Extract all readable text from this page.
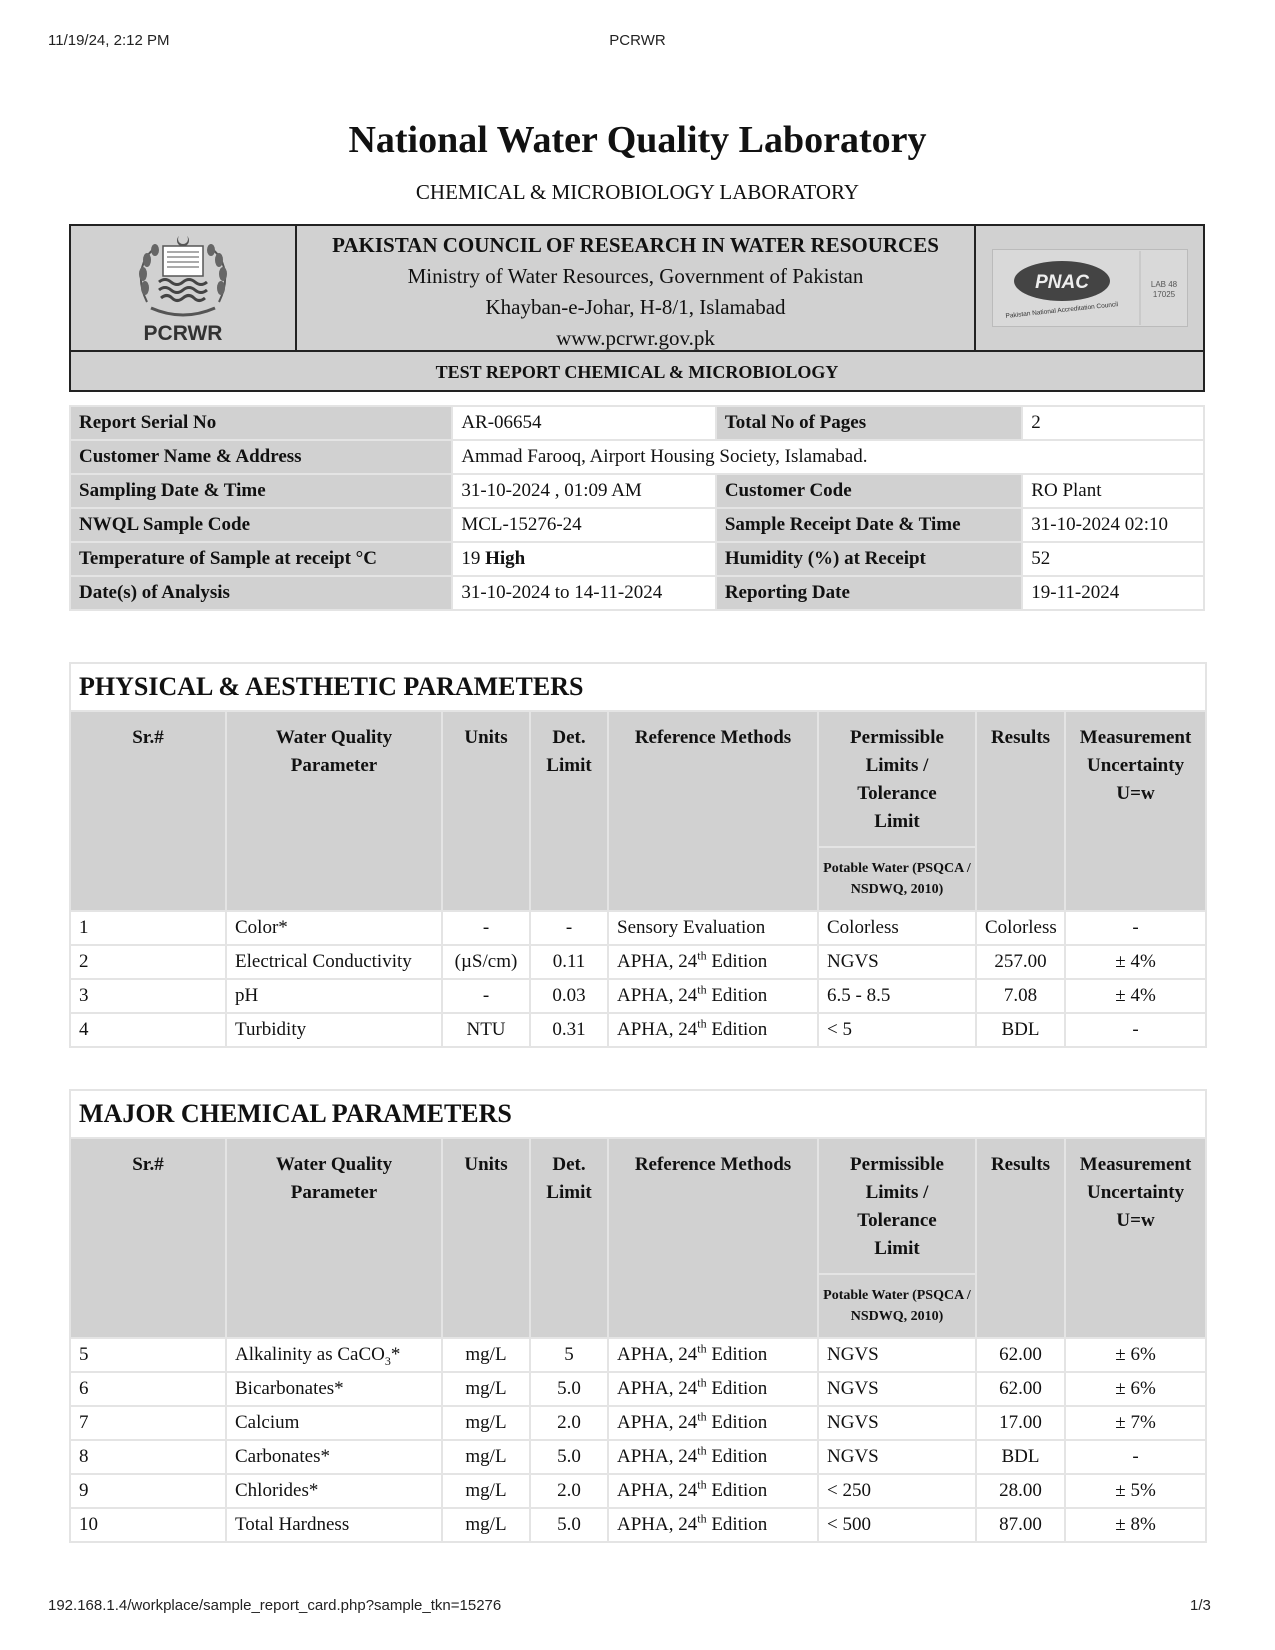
11/19/24, 2:12 PM	PCRWR
National Water Quality Laboratory
CHEMICAL & MICROBIOLOGY LABORATORY
PCRWR
PAKISTAN COUNCIL OF RESEARCH IN WATER RESOURCES
Ministry of Water Resources, Government of Pakistan
Khayban-e-Johar, H-8/1, Islamabad
www.pcrwr.gov.pk
PNAC
Pakistan National Accreditation Council
LAB 48
17025
TEST REPORT CHEMICAL & MICROBIOLOGY
Report Serial No	AR-06654	Total No of Pages	2
Customer Name & Address	Ammad Farooq, Airport Housing Society, Islamabad.		
Sampling Date & Time	31-10-2024 , 01:09 AM	Customer Code	RO Plant
NWQL Sample Code	MCL-15276-24	Sample Receipt Date & Time	31-10-2024 02:10
Temperature of Sample at receipt °C	19 High	Humidity (%) at Receipt	52
Date(s) of Analysis	31-10-2024 to 14-11-2024	Reporting Date	19-11-2024
PHYSICAL & AESTHETIC PARAMETERS							
Sr.#	Water Quality Parameter	Units	Det. Limit	Reference Methods	Permissible Limits / Tolerance Limit	Results	Measurement Uncertainty U=w
					Potable Water (PSQCA / NSDWQ, 2010)		
1	Color*	-	-	Sensory Evaluation	Colorless	Colorless	-
2	Electrical Conductivity	(µS/cm)	0.11	APHA, 24th Edition	NGVS	257.00	± 4%
3	pH	-	0.03	APHA, 24th Edition	6.5 - 8.5	7.08	± 4%
4	Turbidity	NTU	0.31	APHA, 24th Edition	< 5	BDL	-
MAJOR CHEMICAL PARAMETERS							
Sr.#	Water Quality Parameter	Units	Det. Limit	Reference Methods	Permissible Limits / Tolerance Limit	Results	Measurement Uncertainty U=w
					Potable Water (PSQCA / NSDWQ, 2010)		
5	Alkalinity as CaCO$_3$*	mg/L	5	APHA, 24th Edition	NGVS	62.00	± 6%
6	Bicarbonates*	mg/L	5.0	APHA, 24th Edition	NGVS	62.00	± 6%
7	Calcium	mg/L	2.0	APHA, 24th Edition	NGVS	17.00	± 7%
8	Carbonates*	mg/L	5.0	APHA, 24th Edition	NGVS	BDL	-
9	Chlorides*	mg/L	2.0	APHA, 24th Edition	< 250	28.00	± 5%
10	Total Hardness	mg/L	5.0	APHA, 24th Edition	< 500	87.00	± 8%
192.168.1.4/workplace/sample_report_card.php?sample_tkn=15276	1/3
